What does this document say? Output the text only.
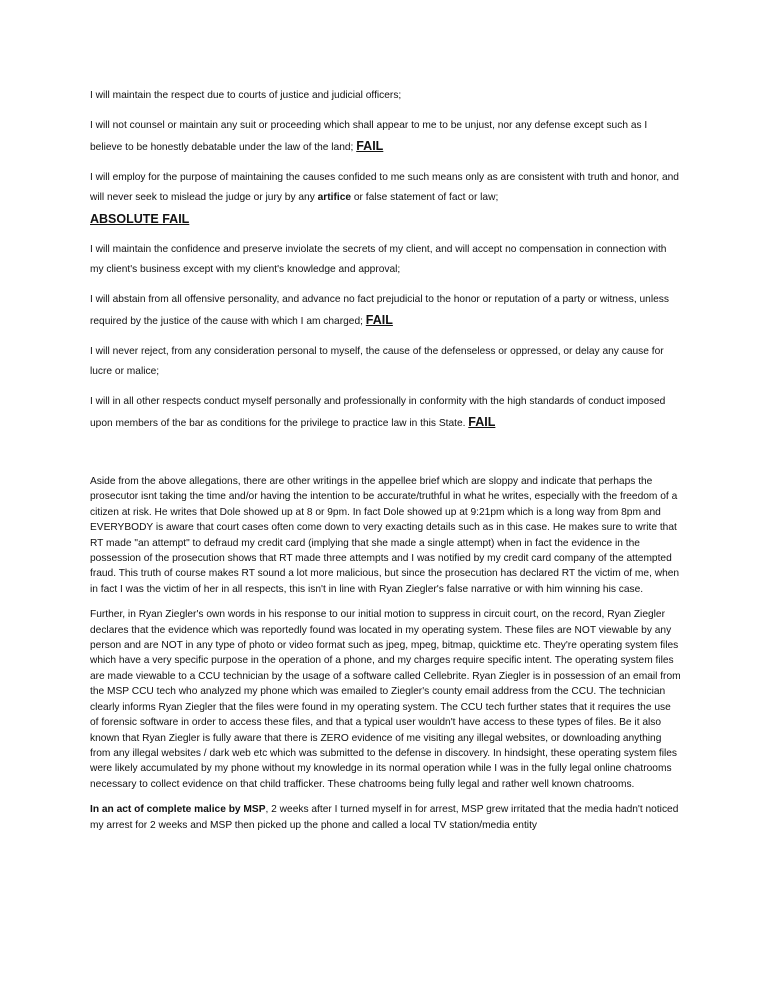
I will maintain the respect due to courts of justice and judicial officers;

I will not counsel or maintain any suit or proceeding which shall appear to me to be unjust, nor any defense except such as I believe to be honestly debatable under the law of the land; FAIL

I will employ for the purpose of maintaining the causes confided to me such means only as are consistent with truth and honor, and will never seek to mislead the judge or jury by any artifice or false statement of fact or law;
ABSOLUTE FAIL

I will maintain the confidence and preserve inviolate the secrets of my client, and will accept no compensation in connection with my client's business except with my client's knowledge and approval;

I will abstain from all offensive personality, and advance no fact prejudicial to the honor or reputation of a party or witness, unless required by the justice of the cause with which I am charged; FAIL

I will never reject, from any consideration personal to myself, the cause of the defenseless or oppressed, or delay any cause for lucre or malice;

I will in all other respects conduct myself personally and professionally in conformity with the high standards of conduct imposed upon members of the bar as conditions for the privilege to practice law in this State. FAIL

Aside from the above allegations, there are other writings in the appellee brief which are sloppy and indicate that perhaps the prosecutor isnt taking the time and/or having the intention to be accurate/truthful in what he writes, especially with the freedom of a citizen at risk. He writes that Dole showed up at 8 or 9pm. In fact Dole showed up at 9:21pm which is a long way from 8pm and EVERYBODY is aware that court cases often come down to very exacting details such as in this case. He makes sure to write that RT made "an attempt" to defraud my credit card (implying that she made a single attempt) when in fact the evidence in the possession of the prosecution shows that RT made three attempts and I was notified by my credit card company of the attempted fraud. This truth of course makes RT sound a lot more malicious, but since the prosecution has declared RT the victim of me, when in fact I was the victim of her in all respects, this isn't in line with Ryan Ziegler's false narrative or with him winning his case.

Further, in Ryan Ziegler's own words in his response to our initial motion to suppress in circuit court, on the record, Ryan Ziegler declares that the evidence which was reportedly found was located in my operating system. These files are NOT viewable by any person and are NOT in any type of photo or video format such as jpeg, mpeg, bitmap, quicktime etc. They're operating system files which have a very specific purpose in the operation of a phone, and my charges require specific intent. The operating system files are made viewable to a CCU technician by the usage of a software called Cellebrite. Ryan Ziegler is in possession of an email from the MSP CCU tech who analyzed my phone which was emailed to Ziegler's county email address from the CCU. The technician clearly informs Ryan Ziegler that the files were found in my operating system. The CCU tech further states that it requires the use of forensic software in order to access these files, and that a typical user wouldn't have access to these types of files. Be it also known that Ryan Ziegler is fully aware that there is ZERO evidence of me visiting any illegal websites, or downloading anything from any illegal websites / dark web etc which was submitted to the defense in discovery. In hindsight, these operating system files were likely accumulated by my phone without my knowledge in its normal operation while I was in the fully legal online chatrooms necessary to collect evidence on that child trafficker. These chatrooms being fully legal and rather well known chatrooms.

In an act of complete malice by MSP, 2 weeks after I turned myself in for arrest, MSP grew irritated that the media hadn't noticed my arrest for 2 weeks and MSP then picked up the phone and called a local TV station/media entity
